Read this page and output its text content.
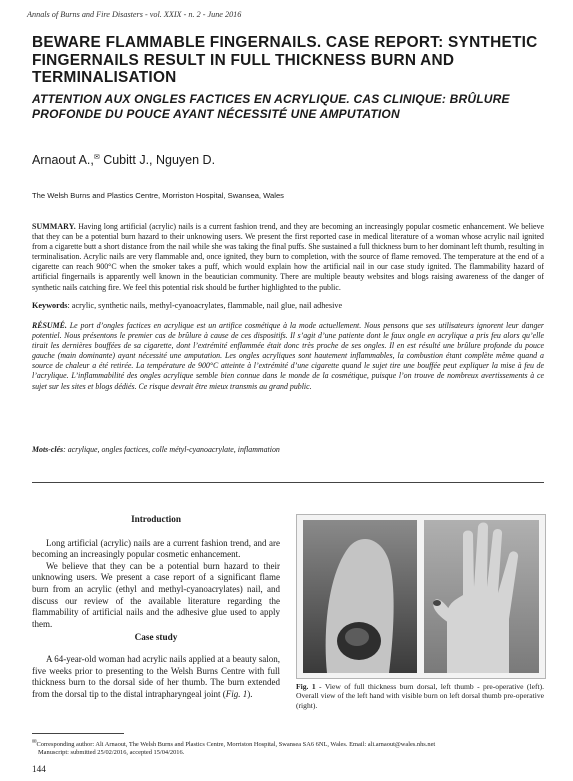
Annals of Burns and Fire Disasters - vol. XXIX - n. 2 - June 2016
BEWARE FLAMMABLE FINGERNAILS. CASE REPORT: SYNTHETIC FINGERNAILS RESULT IN FULL THICKNESS BURN AND TERMINALISATION
ATTENTION AUX ONGLES FACTICES EN ACRYLIQUE. CAS CLINIQUE: BRÛLURE PROFONDE DU POUCE AYANT NÉCESSITÉ UNE AMPUTATION
Arnaout A.,✉ Cubitt J., Nguyen D.
The Welsh Burns and Plastics Centre, Morriston Hospital, Swansea, Wales
SUMMARY. Having long artificial (acrylic) nails is a current fashion trend, and they are becoming an increasingly popular cosmetic enhancement. We believe that they can be a potential burn hazard to their unknowing users. We present the first reported case in medical literature of a woman whose acrylic nail ignited from a cigarette butt a short distance from the nail while she was taking the final puffs. She sustained a full thickness burn to her dominant left thumb, resulting in terminalisation. Acrylic nails are very flammable and, once ignited, they burn to completion, with the source of flame removed. The temperature at the end of a cigarette can reach 900°C when the smoker takes a puff, which would explain how the artificial nail in our case study ignited. The flammability hazard of artificial fingernails is apparently well known in the beautician community. There are multiple beauty websites and blogs raising awareness of the danger of synthetic nails catching fire. We feel this potential risk should be further highlighted to the public.
Keywords: acrylic, synthetic nails, methyl-cyanoacrylates, flammable, nail glue, nail adhesive
RÉSUMÉ. Le port d’ongles factices en acrylique est un artifice cosmétique à la mode actuellement. Nous pensons que ses utilisateurs ignorent leur danger potentiel. Nous présentons le premier cas de brûlure à cause de ces dispositifs. Il s’agit d’une patiente dont le faux ongle en acrylique a pris feu alors qu’elle tirait les dernières bouffées de sa cigarette, dont l’extrémité enflammée était donc très proche de ses ongles. Il en est résulté une brûlure profonde du pouce gauche (main dominante) ayant nécessité une amputation. Les ongles acryliques sont hautement inflammables, la combustion étant complète même quand a source de chaleur a été retirée. La température de 900°C atteinte à l’extrémité d’une cigarette quand le sujet tire une bouffée peut expliquer la mise à feu de l’acrylique. L’inflammabilité des ongles acrylique semble bien connue dans le monde de la cosmétique, puisque l’on trouve de nombreux avertissements à ce sujet sur les sites et blogs dédiés. Ce risque devrait être mieux transmis au grand public.
Mots-clés: acrylique, ongles factices, colle métyl-cyanoacrylate, inflammation
Introduction

Long artificial (acrylic) nails are a current fashion trend, and are becoming an increasingly popular cosmetic enhancement.

We believe that they can be a potential burn hazard to their unknowing users. We present a case report of a significant flame burn from an acrylic (ethyl and methyl-cyanoacrylates) nail, and discuss our review of the available literature regarding the flammability of artificial nails and the adhesive glue used to apply them.

Case study

A 64-year-old woman had acrylic nails applied at a beauty salon, five weeks prior to presenting to the Welsh Burns Centre with full thickness burn to the dorsal side of her thumb. The burn extended from the dorsal tip to the distal intrapharyngeal joint (Fig. 1).

Fig. 1 - View of full thickness burn dorsal, left thumb - pre-operative (left). Overall view of the left hand with visible burn on left dorsal thumb pre-operative (right).
✉Corresponding author: Ali Arnaout, The Welsh Burns and Plastics Centre, Morriston Hospital, Swansea SA6 6NL, Wales. Email: ali.arnaout@wales.nhs.net
Manuscript: submitted 25/02/2016, accepted 15/04/2016.
144
